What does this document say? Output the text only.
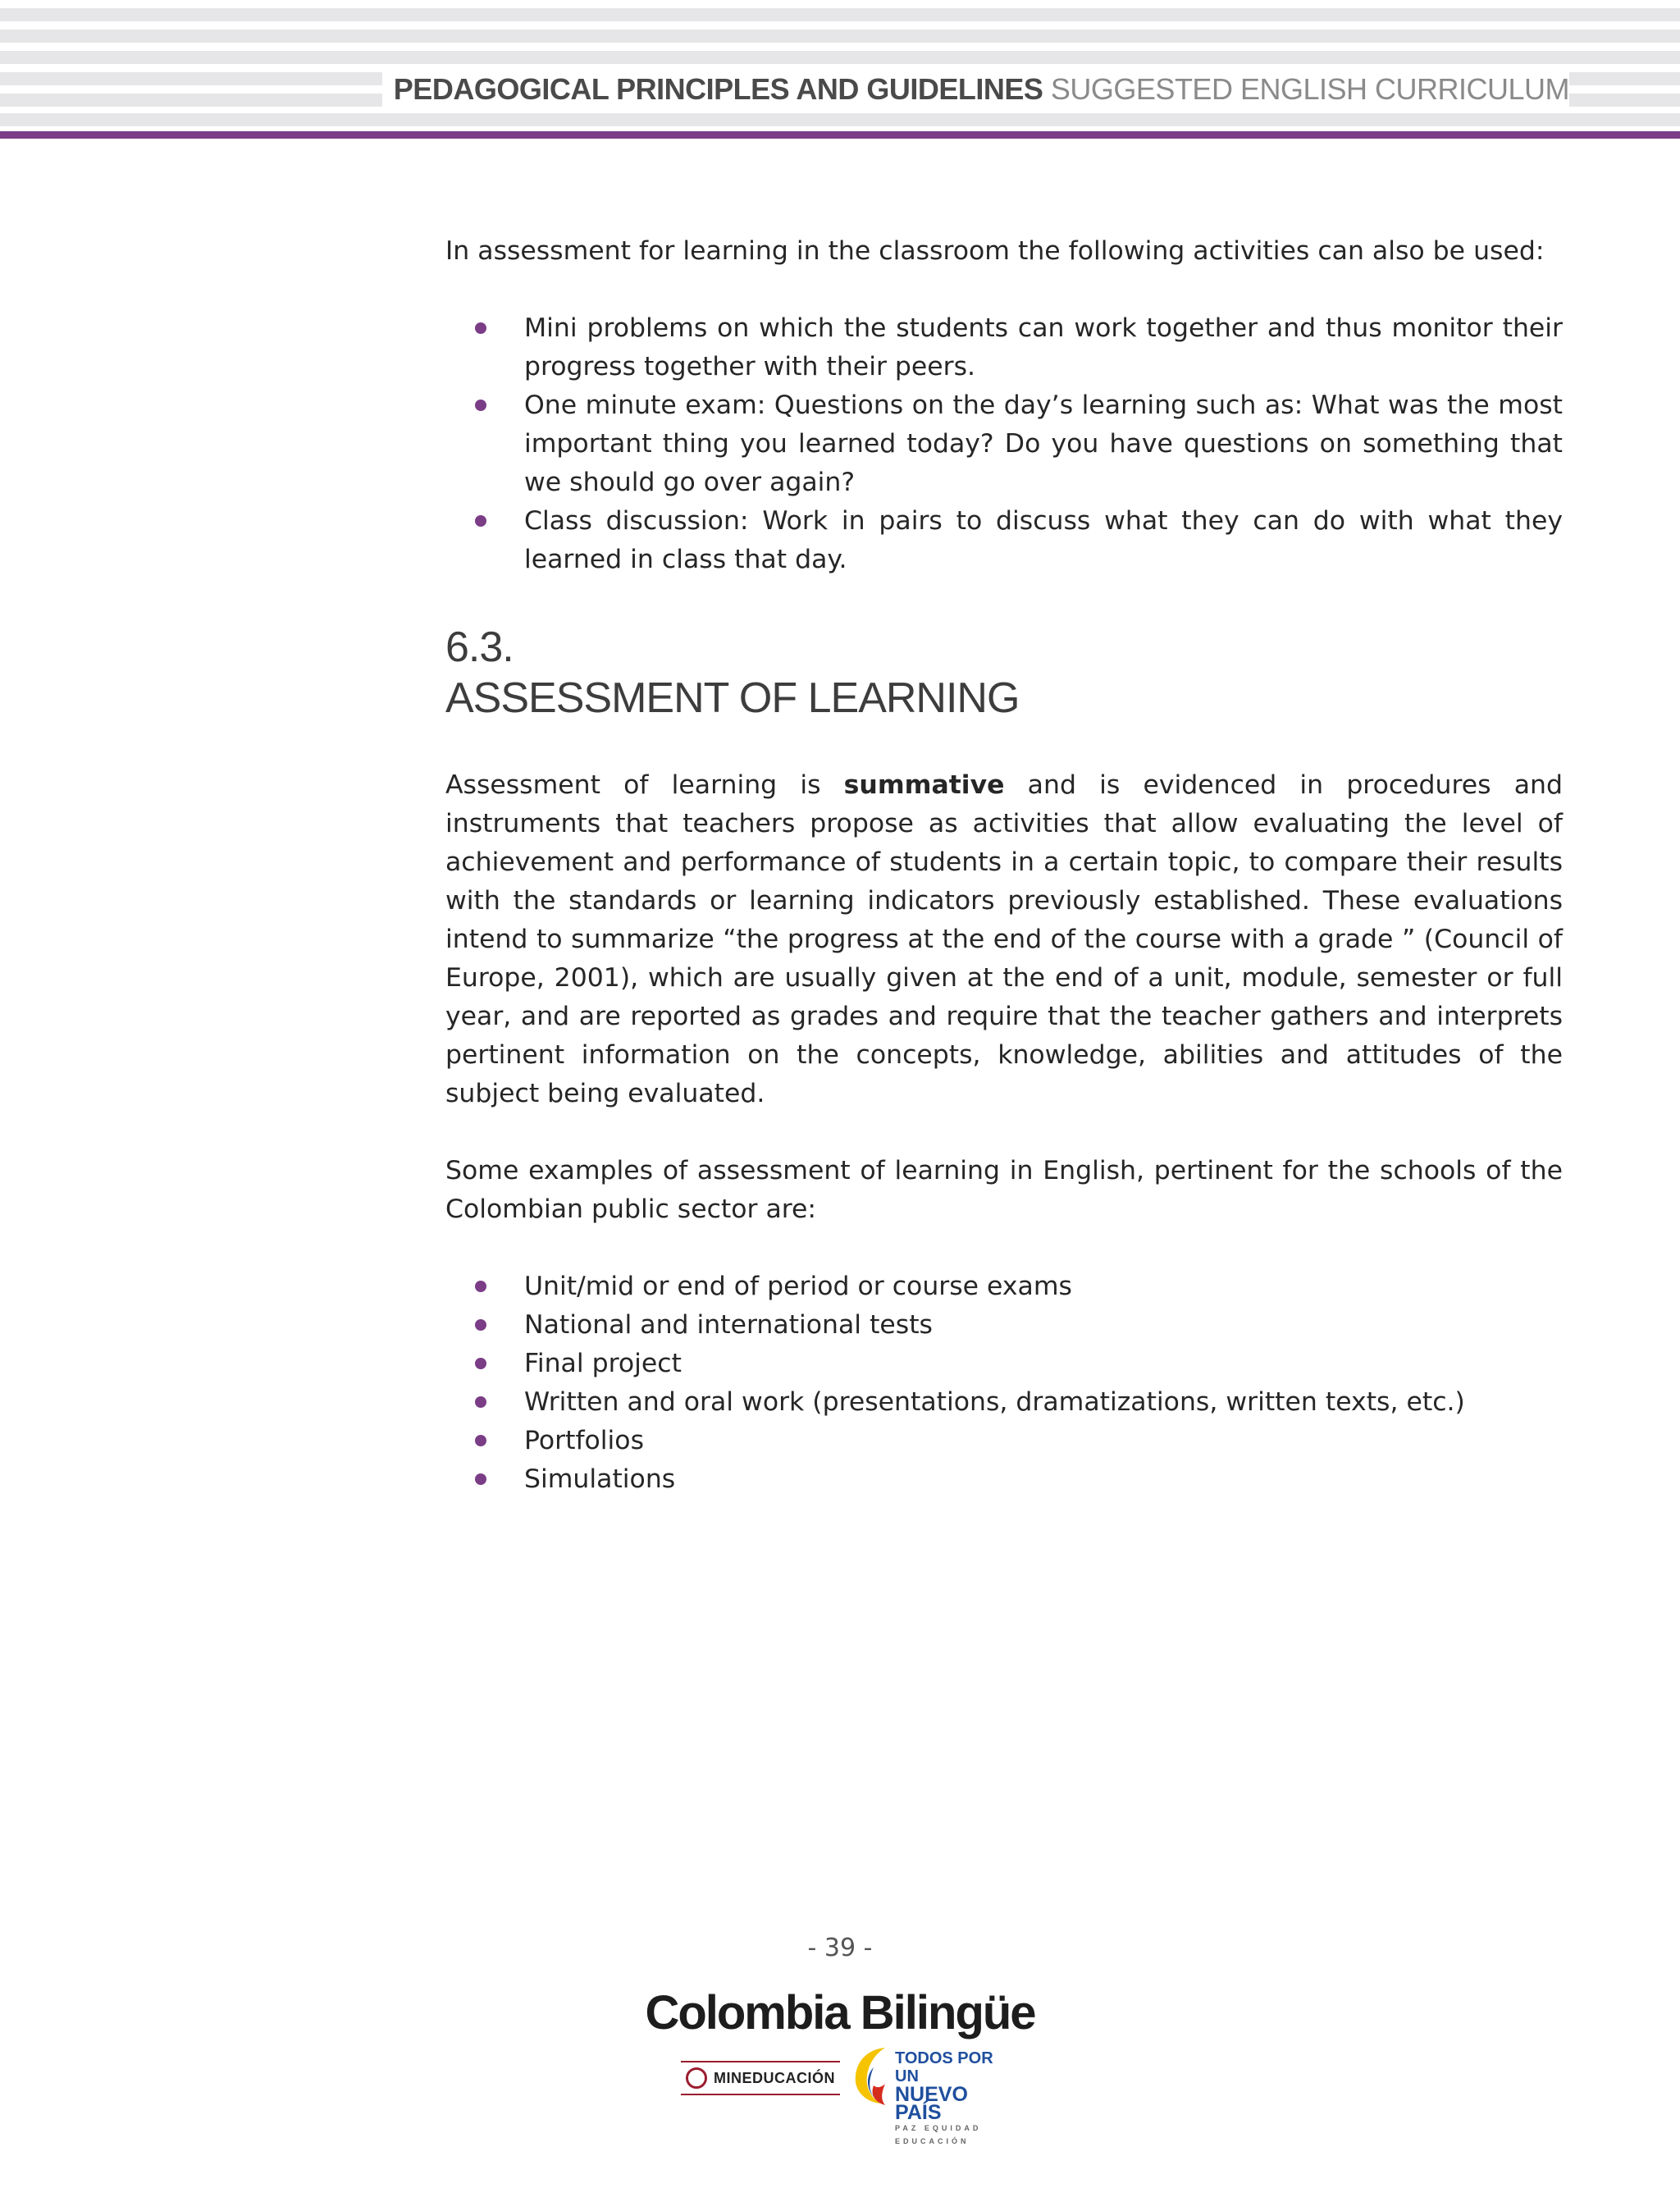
PEDAGOGICAL PRINCIPLES AND GUIDELINES SUGGESTED ENGLISH CURRICULUM

In assessment for learning in the classroom the following activities can also be used:

Mini problems on which the students can work together and thus monitor their progress together with their peers.
One minute exam: Questions on the day’s learning such as: What was the most important thing you learned today? Do you have questions on something that we should go over again?
Class discussion: Work in pairs to discuss what they can do with what they learned in class that day.
6.3.
ASSESSMENT OF LEARNING

Assessment of learning is summative and is evidenced in procedures and instruments that teachers propose as activities that allow evaluating the level of achievement and performance of students in a certain topic, to compare their results with the standards or learning indicators previously established. These evaluations intend to summarize “the progress at the end of the course with a grade ” (Council of Europe, 2001), which are usually given at the end of a unit, module, semester or full year, and are reported as grades and require that the teacher gathers and interprets pertinent information on the concepts, knowledge, abilities and attitudes of the subject being evaluated.

Some examples of assessment of learning in English, pertinent for the schools of the Colombian public sector are:

Unit/mid or end of period or course exams
National and international tests
Final project
Written and oral work (presentations, dramatizations, written texts, etc.)
Portfolios
Simulations
- 39 -
Colombia Bilingüe
MINEDUCACIÓN
TODOS POR UN
NUEVO PAÍS
PAZ EQUIDAD EDUCACIÓN
